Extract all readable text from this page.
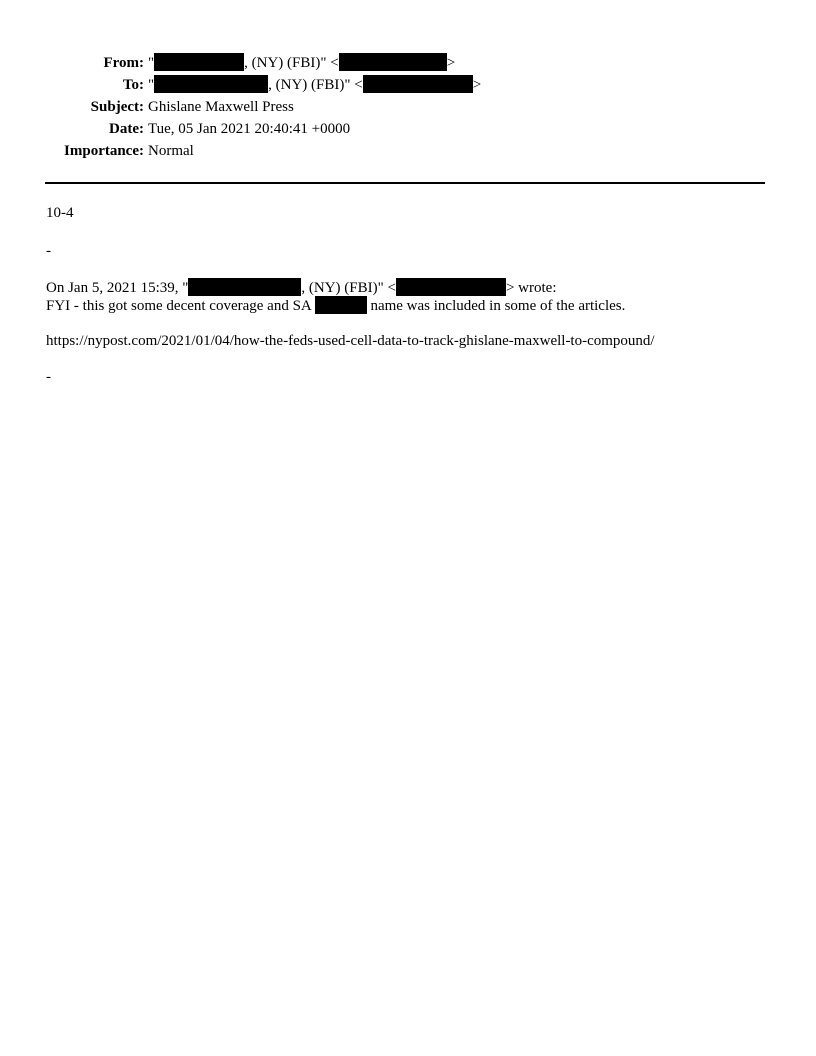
From: "	, (NY) (FBI)" <	>
To: "	, (NY) (FBI)" <	>
Subject: Ghislane Maxwell Press
Date: Tue, 05 Jan 2021 20:40:41 +0000
Importance: Normal
10-4
-
On Jan 5, 2021 15:39, "	, (NY) (FBI)" <	> wrote:
FYI - this got some decent coverage and SA	name was included in some of the articles.
https://nypost.com/2021/01/04/how-the-feds-used-cell-data-to-track-ghislane-maxwell-to-compound/
-
